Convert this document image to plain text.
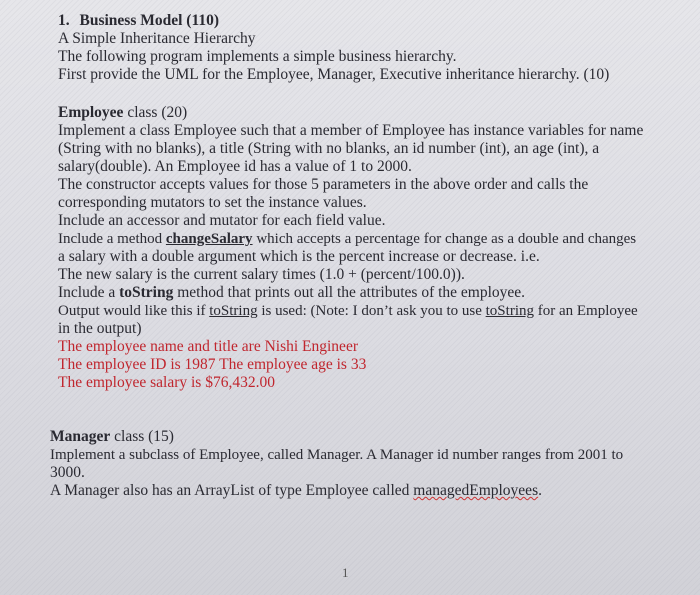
1. Business Model (110)
A Simple Inheritance Hierarchy
The following program implements a simple business hierarchy.
First provide the UML for the Employee, Manager, Executive inheritance hierarchy. (10)
Employee class (20)
Implement a class Employee such that a member of Employee has instance variables for name
(String with no blanks), a title (String with no blanks, an id number (int), an age (int), a
salary(double). An Employee id has a value of 1 to 2000.
The constructor accepts values for those 5 parameters in the above order and calls the
corresponding mutators to set the instance values.
Include an accessor and mutator for each field value.
Include a method changeSalary which accepts a percentage for change as a double and changes
a salary with a double argument which is the percent increase or decrease. i.e.
The new salary is the current salary times (1.0 + (percent/100.0)).
Include a toString method that prints out all the attributes of the employee.
Output would like this if toString is used: (Note: I don’t ask you to use toString for an Employee
in the output)
The employee name and title are Nishi Engineer
The employee ID is 1987 The employee age is 33
The employee salary is $76,432.00
Manager class (15)
Implement a subclass of Employee, called Manager. A Manager id number ranges from 2001 to
3000.
A Manager also has an ArrayList of type Employee called managedEmployees.
1
